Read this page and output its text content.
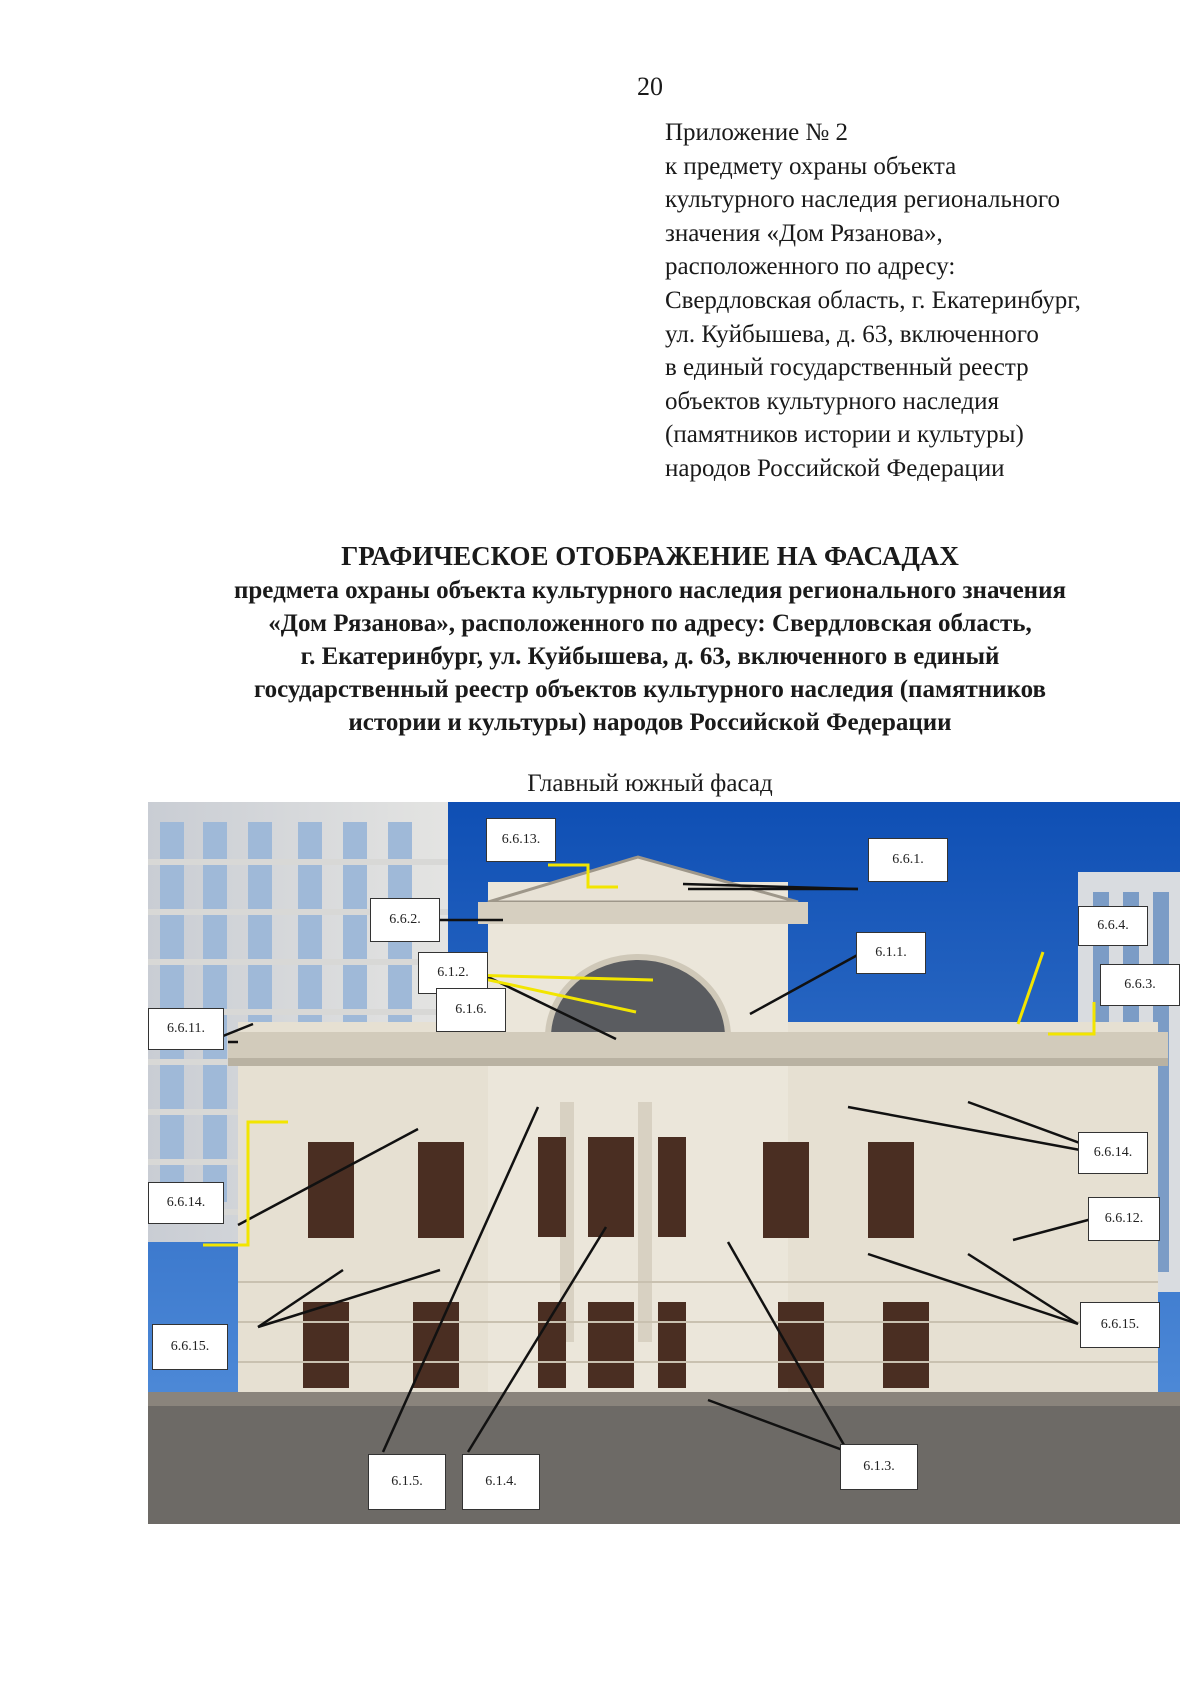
20
Приложение № 2
к предмету охраны объекта
культурного наследия регионального
значения «Дом Рязанова»,
расположенного по адресу:
Свердловская область, г. Екатеринбург,
ул. Куйбышева, д. 63, включенного
в единый государственный реестр
объектов культурного наследия
(памятников истории и культуры)
народов Российской Федерации
ГРАФИЧЕСКОЕ ОТОБРАЖЕНИЕ НА ФАСАДАХ
предмета охраны объекта культурного наследия регионального значения
«Дом Рязанова», расположенного по адресу: Свердловская область,
г. Екатеринбург, ул. Куйбышева, д. 63, включенного в единый
государственный реестр объектов культурного наследия (памятников
истории и культуры) народов Российской Федерации
Главный южный фасад
6.6.13.
6.6.1.
6.6.2.	6.6.4.
6.1.2.
6.1.1.
6.6.3.
6.1.6.
6.6.11.
6.6.14.
6.6.14.
6.6.12.
6.6.15.
6.6.15.
6.1.5.	6.1.4.
6.1.3.
